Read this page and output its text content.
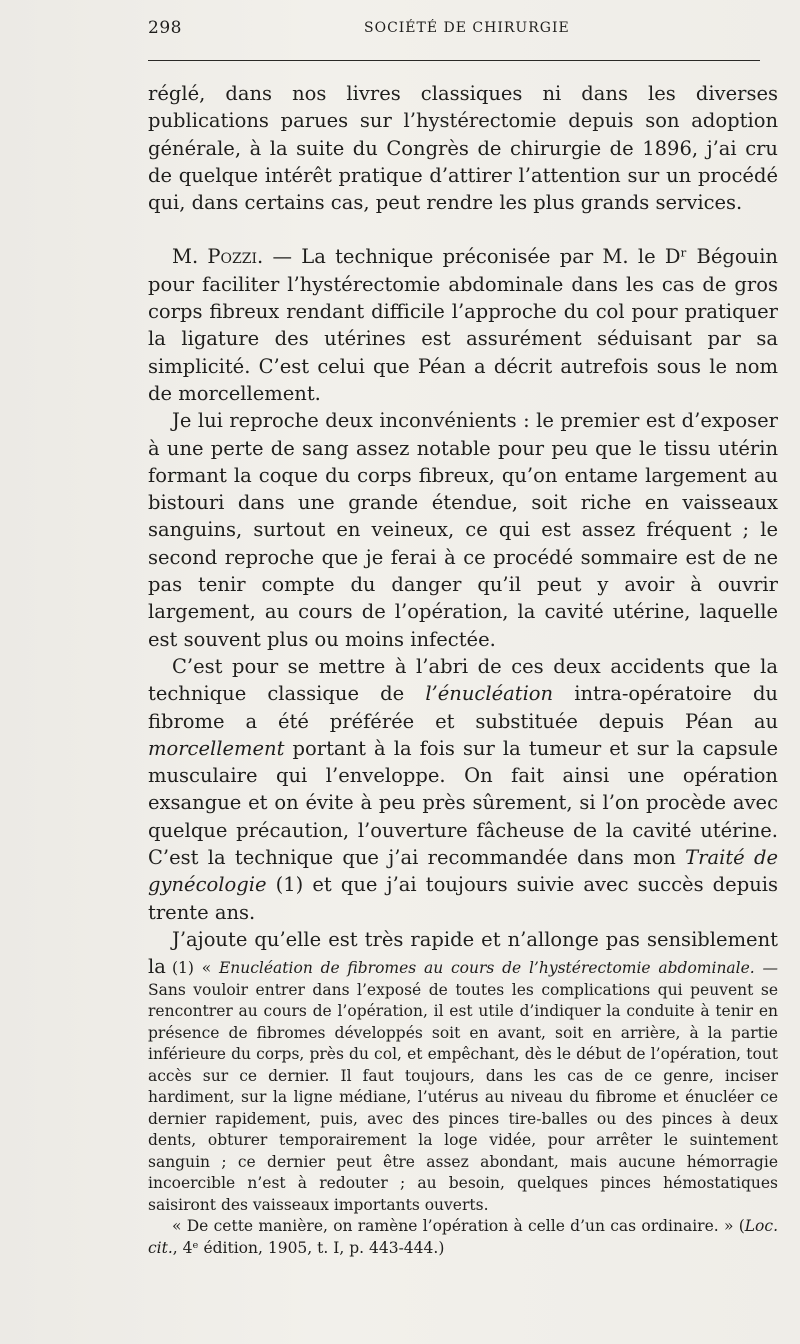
298	SOCIÉTÉ DE CHIRURGIE

réglé, dans nos livres classiques ni dans les diverses publications parues sur l’hystérectomie depuis son adoption générale, à la suite du Congrès de chirurgie de 1896, j’ai cru de quelque intérêt pratique d’attirer l’attention sur un procédé qui, dans certains cas, peut rendre les plus grands services.

M. Pozzi. — La technique préconisée par M. le Dʳ Bégouin pour faciliter l’hystérectomie abdominale dans les cas de gros corps fibreux rendant difficile l’approche du col pour pratiquer la ligature des utérines est assurément séduisant par sa simplicité. C’est celui que Péan a décrit autrefois sous le nom de morcellement.

Je lui reproche deux inconvénients : le premier est d’exposer à une perte de sang assez notable pour peu que le tissu utérin formant la coque du corps fibreux, qu’on entame largement au bistouri dans une grande étendue, soit riche en vaisseaux sanguins, surtout en veineux, ce qui est assez fréquent ; le second reproche que je ferai à ce procédé sommaire est de ne pas tenir compte du danger qu’il peut y avoir à ouvrir largement, au cours de l’opération, la cavité utérine, laquelle est souvent plus ou moins infectée.

C’est pour se mettre à l’abri de ces deux accidents que la technique classique de l’énucléation intra-opératoire du fibrome a été préférée et substituée depuis Péan au morcellement portant à la fois sur la tumeur et sur la capsule musculaire qui l’enveloppe. On fait ainsi une opération exsangue et on évite à peu près sûrement, si l’on procède avec quelque précaution, l’ouverture fâcheuse de la cavité utérine. C’est la technique que j’ai recommandée dans mon Traité de gynécologie (1) et que j’ai toujours suivie avec succès depuis trente ans.

J’ajoute qu’elle est très rapide et n’allonge pas sensiblement la (1) « Enucléation de fibromes au cours de l’hystérectomie abdominale. — Sans vouloir entrer dans l’exposé de toutes les complications qui peuvent se rencontrer au cours de l’opération, il est utile d’indiquer la conduite à tenir en présence de fibromes développés soit en avant, soit en arrière, à la partie inférieure du corps, près du col, et empêchant, dès le début de l’opération, tout accès sur ce dernier. Il faut toujours, dans les cas de ce genre, inciser hardiment, sur la ligne médiane, l’utérus au niveau du fibrome et énucléer ce dernier rapidement, puis, avec des pinces tire-balles ou des pinces à deux dents, obturer temporairement la loge vidée, pour arrêter le suintement sanguin ; ce dernier peut être assez abondant, mais aucune hémorragie incoercible n’est à redouter ; au besoin, quelques pinces hémostatiques saisiront des vaisseaux importants ouverts.

« De cette manière, on ramène l’opération à celle d’un cas ordinaire. » (Loc. cit., 4ᵉ édition, 1905, t. I, p. 443-444.)
